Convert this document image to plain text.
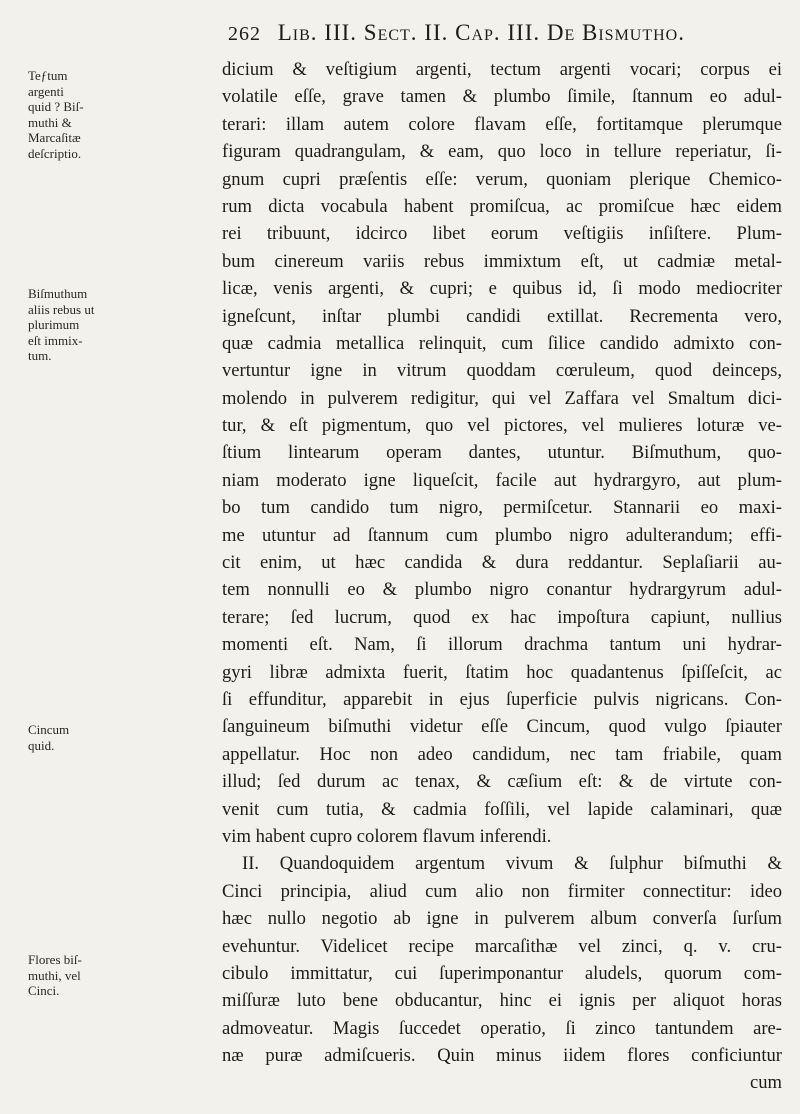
262 Lib. III. Sect. II. Cap. III. De Bismutho.
Teƒtum
argenti
quid ? Biſ-
muthi &
Marcaſitæ
deſcriptio.
Biſmuthum
aliis rebus ut
plurimum
eſt immix-
tum.
Cincum
quid.
Flores biſ-
muthi, vel
Cinci.
dicium & veſtigium argenti, tectum argenti vocari; corpus ei
volatile eſſe, grave tamen & plumbo ſimile, ſtannum eo adul-
terari: illam autem colore flavam eſſe, fortitamque plerumque
figuram quadrangulam, & eam, quo loco in tellure reperiatur, ſi-
gnum cupri præſentis eſſe: verum, quoniam plerique Chemico-
rum dicta vocabula habent promiſcua, ac promiſcue hæc eidem
rei tribuunt, idcirco libet eorum veſtigiis inſiſtere. Plum-
bum cinereum variis rebus immixtum eſt, ut cadmiæ metal-
licæ, venis argenti, & cupri; e quibus id, ſi modo mediocriter
igneſcunt, inſtar plumbi candidi extillat. Recrementa vero,
quæ cadmia metallica relinquit, cum ſilice candido admixto con-
vertuntur igne in vitrum quoddam cœruleum, quod deinceps,
molendo in pulverem redigitur, qui vel Zaffara vel Smaltum dici-
tur, & eſt pigmentum, quo vel pictores, vel mulieres loturæ ve-
ſtium lintearum operam dantes, utuntur. Biſmuthum, quo-
niam moderato igne liqueſcit, facile aut hydrargyro, aut plum-
bo tum candido tum nigro, permiſcetur. Stannarii eo maxi-
me utuntur ad ſtannum cum plumbo nigro adulterandum; effi-
cit enim, ut hæc candida & dura reddantur. Seplaſiarii au-
tem nonnulli eo & plumbo nigro conantur hydrargyrum adul-
terare; ſed lucrum, quod ex hac impoſtura capiunt, nullius
momenti eſt. Nam, ſi illorum drachma tantum uni hydrar-
gyri libræ admixta fuerit, ſtatim hoc quadantenus ſpiſſeſcit, ac
ſi effunditur, apparebit in ejus ſuperficie pulvis nigricans. Con-
ſanguineum biſmuthi videtur eſſe Cincum, quod vulgo ſpiauter
appellatur. Hoc non adeo candidum, nec tam friabile, quam
illud; ſed durum ac tenax, & cæſium eſt: & de virtute con-
venit cum tutia, & cadmia foſſili, vel lapide calaminari, quæ
vim habent cupro colorem flavum inferendi.
II. Quandoquidem argentum vivum & ſulphur biſmuthi &
Cinci principia, aliud cum alio non firmiter connectitur: ideo
hæc nullo negotio ab igne in pulverem album converſa ſurſum
evehuntur. Videlicet recipe marcaſithæ vel zinci, q. v. cru-
cibulo immittatur, cui ſuperimponantur aludels, quorum com-
miſſuræ luto bene obducantur, hinc ei ignis per aliquot horas
admoveatur. Magis ſuccedet operatio, ſi zinco tantundem are-
næ puræ admiſcueris. Quin minus iidem flores conficiuntur
cum
